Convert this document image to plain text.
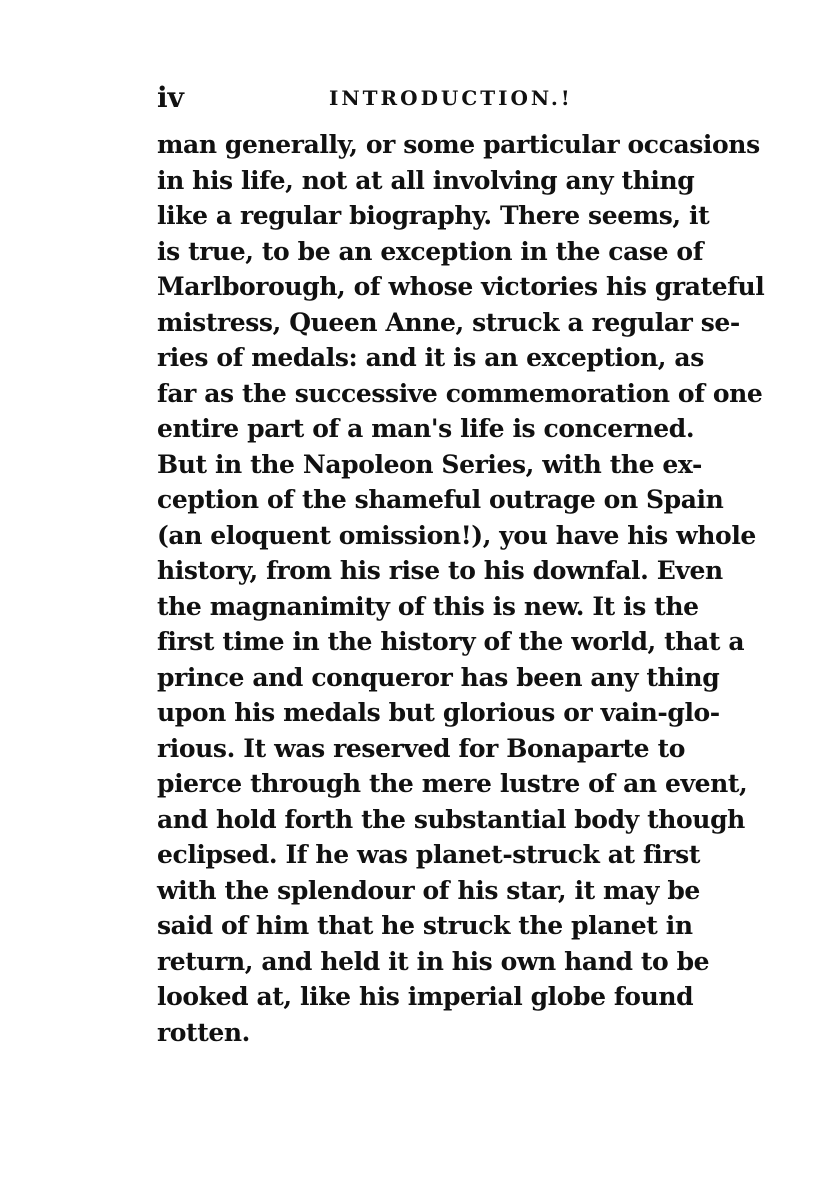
iv	INTRODUCTION.!
man generally, or some particular occasions
in his life, not at all involving any thing
like a regular biography. There seems, it
is true, to be an exception in the case of
Marlborough, of whose victories his grateful
mistress, Queen Anne, struck a regular se-
ries of medals: and it is an exception, as
far as the successive commemoration of one
entire part of a man's life is concerned.
But in the Napoleon Series, with the ex-
ception of the shameful outrage on Spain
(an eloquent omission!), you have his whole
history, from his rise to his downfal. Even
the magnanimity of this is new. It is the
first time in the history of the world, that a
prince and conqueror has been any thing
upon his medals but glorious or vain-glo-
rious. It was reserved for Bonaparte to
pierce through the mere lustre of an event,
and hold forth the substantial body though
eclipsed. If he was planet-struck at first
with the splendour of his star, it may be
said of him that he struck the planet in
return, and held it in his own hand to be
looked at, like his imperial globe found
rotten.
